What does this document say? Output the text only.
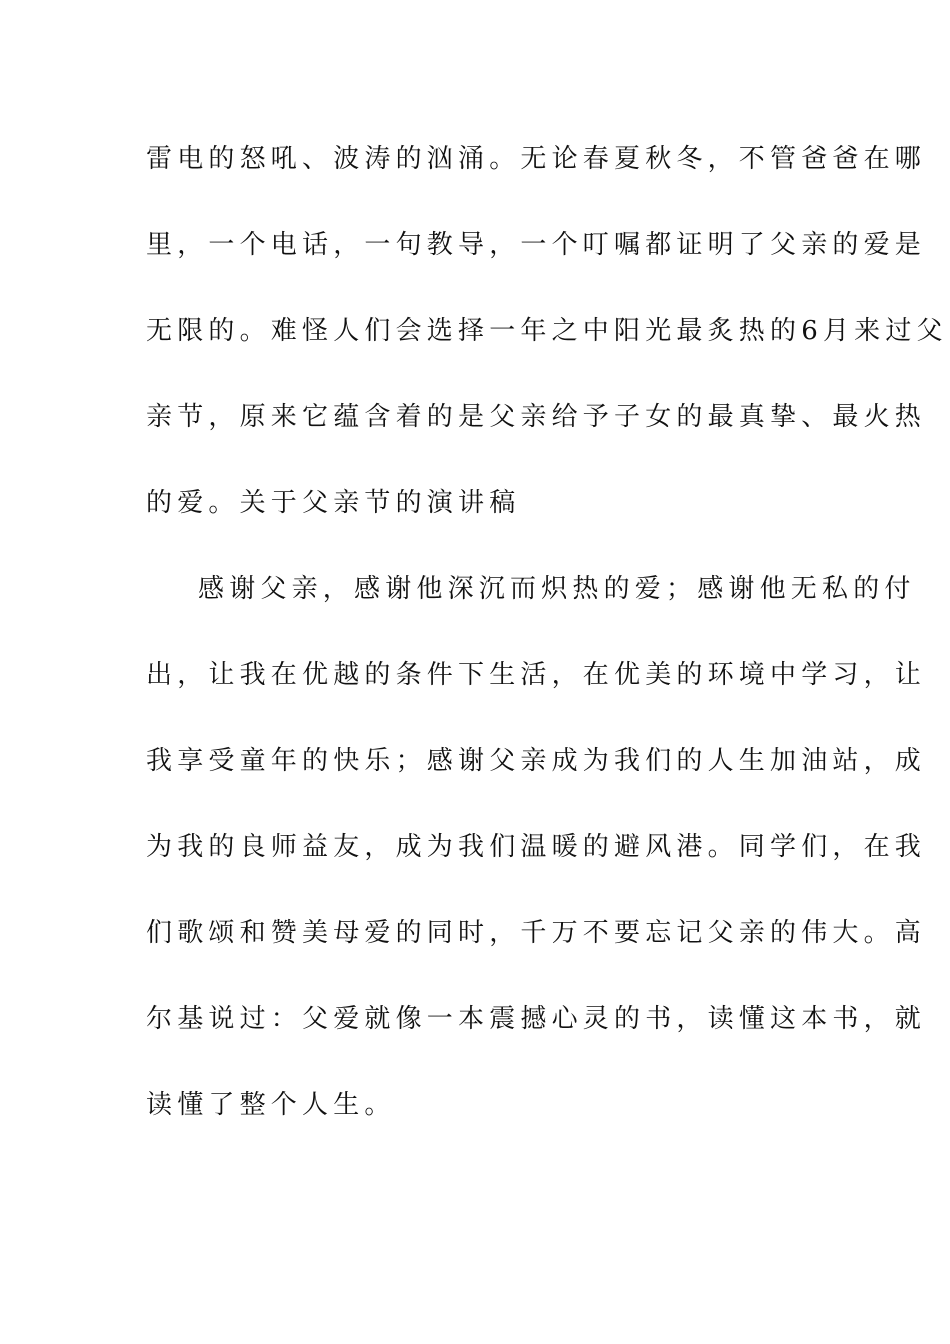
雷电的怒吼、波涛的汹涌。无论春夏秋冬，不管爸爸在哪
里，一个电话，一句教导，一个叮嘱都证明了父亲的爱是
无限的。难怪人们会选择一年之中阳光最炙热的6月来过父
亲节，原来它蕴含着的是父亲给予子女的最真挚、最火热
的爱。关于父亲节的演讲稿
感谢父亲，感谢他深沉而炽热的爱；感谢他无私的付
出，让我在优越的条件下生活，在优美的环境中学习，让
我享受童年的快乐；感谢父亲成为我们的人生加油站，成
为我的良师益友，成为我们温暖的避风港。同学们，在我
们歌颂和赞美母爱的同时，千万不要忘记父亲的伟大。高
尔基说过：父爱就像一本震撼心灵的书，读懂这本书，就
读懂了整个人生。
